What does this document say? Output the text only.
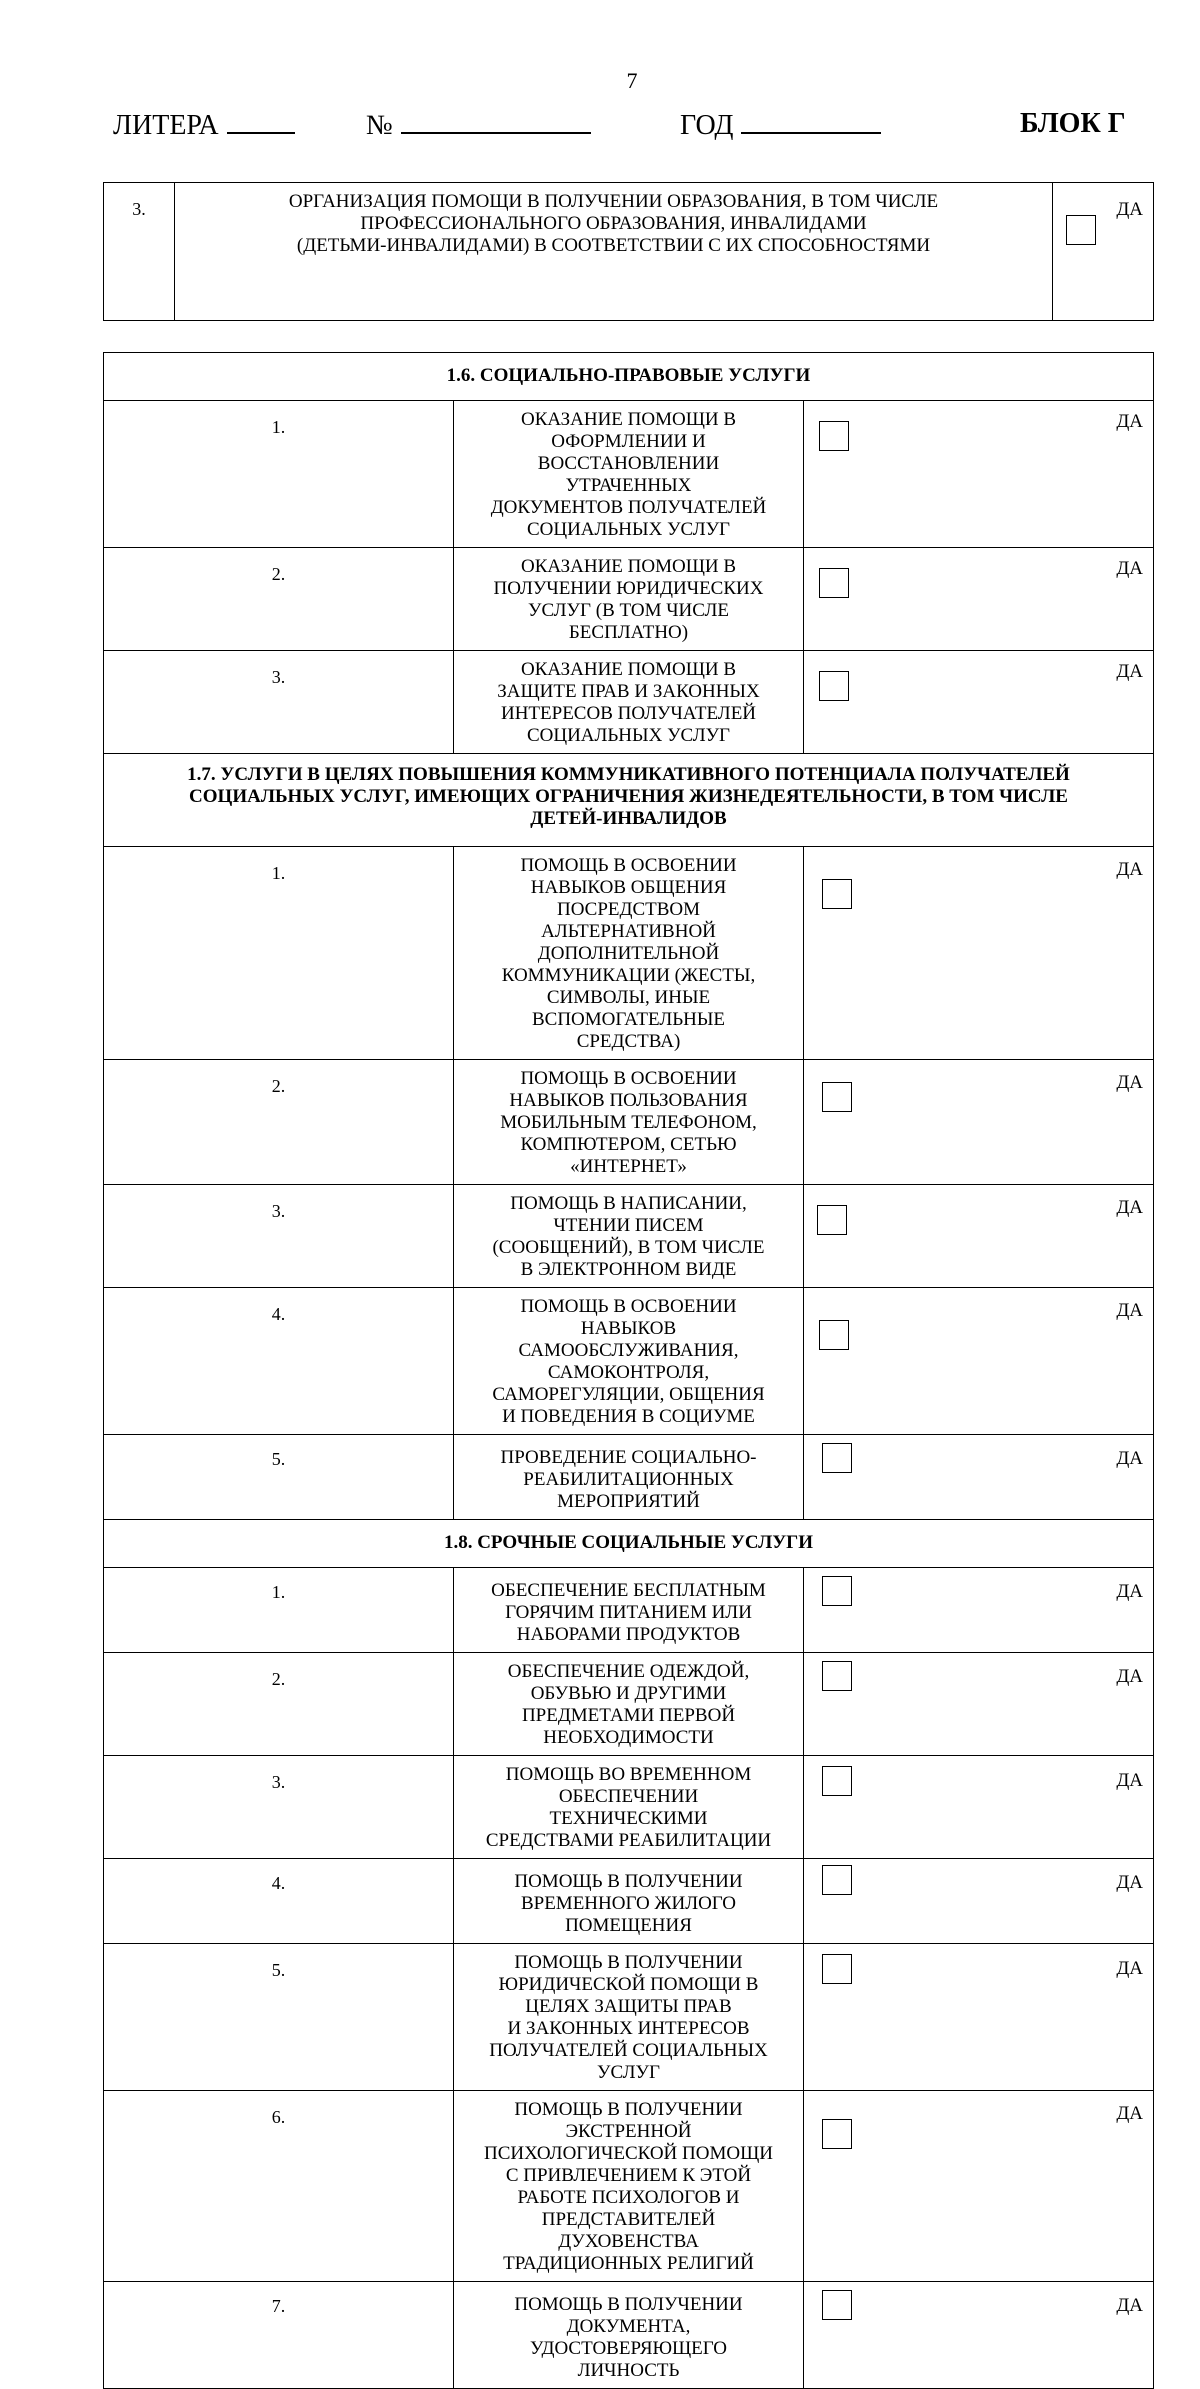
7
ЛИТЕРА	№	ГОД	БЛОК Г
3.	ОРГАНИЗАЦИЯ ПОМОЩИ В ПОЛУЧЕНИИ ОБРАЗОВАНИЯ, В ТОМ ЧИСЛЕ
ПРОФЕССИОНАЛЬНОГО ОБРАЗОВАНИЯ, ИНВАЛИДАМИ
(ДЕТЬМИ-ИНВАЛИДАМИ) В СООТВЕТСТВИИ С ИХ СПОСОБНОСТЯМИ	
ДА
1.6. СОЦИАЛЬНО-ПРАВОВЫЕ УСЛУГИ		
1.	ОКАЗАНИЕ ПОМОЩИ В ОФОРМЛЕНИИ И ВОССТАНОВЛЕНИИ УТРАЧЕННЫХ
ДОКУМЕНТОВ ПОЛУЧАТЕЛЕЙ СОЦИАЛЬНЫХ УСЛУГ	ДА

2.	ОКАЗАНИЕ ПОМОЩИ В ПОЛУЧЕНИИ ЮРИДИЧЕСКИХ УСЛУГ (В ТОМ ЧИСЛЕ
БЕСПЛАТНО)	ДА

3.	ОКАЗАНИЕ ПОМОЩИ В ЗАЩИТЕ ПРАВ И ЗАКОННЫХ ИНТЕРЕСОВ ПОЛУЧАТЕЛЕЙ
СОЦИАЛЬНЫХ УСЛУГ	ДА

1.7. УСЛУГИ В ЦЕЛЯХ ПОВЫШЕНИЯ КОММУНИКАТИВНОГО ПОТЕНЦИАЛА ПОЛУЧАТЕЛЕЙ
СОЦИАЛЬНЫХ УСЛУГ, ИМЕЮЩИХ ОГРАНИЧЕНИЯ ЖИЗНЕДЕЯТЕЛЬНОСТИ, В ТОМ ЧИСЛЕ
ДЕТЕЙ-ИНВАЛИДОВ		
1.	ПОМОЩЬ В ОСВОЕНИИ НАВЫКОВ ОБЩЕНИЯ ПОСРЕДСТВОМ АЛЬТЕРНАТИВНОЙ
ДОПОЛНИТЕЛЬНОЙ КОММУНИКАЦИИ (ЖЕСТЫ, СИМВОЛЫ, ИНЫЕ
ВСПОМОГАТЕЛЬНЫЕ СРЕДСТВА)	ДА

2.	ПОМОЩЬ В ОСВОЕНИИ НАВЫКОВ ПОЛЬЗОВАНИЯ МОБИЛЬНЫМ ТЕЛЕФОНОМ,
КОМПЮТЕРОМ, СЕТЬЮ «ИНТЕРНЕТ»	ДА

3.	ПОМОЩЬ В НАПИСАНИИ, ЧТЕНИИ ПИСЕМ (СООБЩЕНИЙ), В ТОМ ЧИСЛЕ
В ЭЛЕКТРОННОМ ВИДЕ	ДА

4.	ПОМОЩЬ В ОСВОЕНИИ НАВЫКОВ САМООБСЛУЖИВАНИЯ, САМОКОНТРОЛЯ,
САМОРЕГУЛЯЦИИ, ОБЩЕНИЯ И ПОВЕДЕНИЯ В СОЦИУМЕ	ДА

5.	ПРОВЕДЕНИЕ СОЦИАЛЬНО-РЕАБИЛИТАЦИОННЫХ МЕРОПРИЯТИЙ	ДА

1.8. СРОЧНЫЕ СОЦИАЛЬНЫЕ УСЛУГИ		
1.	ОБЕСПЕЧЕНИЕ БЕСПЛАТНЫМ ГОРЯЧИМ ПИТАНИЕМ ИЛИ НАБОРАМИ ПРОДУКТОВ	ДА

2.	ОБЕСПЕЧЕНИЕ ОДЕЖДОЙ, ОБУВЬЮ И ДРУГИМИ ПРЕДМЕТАМИ ПЕРВОЙ
НЕОБХОДИМОСТИ	ДА

3.	ПОМОЩЬ ВО ВРЕМЕННОМ ОБЕСПЕЧЕНИИ ТЕХНИЧЕСКИМИ
СРЕДСТВАМИ РЕАБИЛИТАЦИИ	ДА

4.	ПОМОЩЬ В ПОЛУЧЕНИИ ВРЕМЕННОГО ЖИЛОГО ПОМЕЩЕНИЯ	ДА

5.	ПОМОЩЬ В ПОЛУЧЕНИИ ЮРИДИЧЕСКОЙ ПОМОЩИ В ЦЕЛЯХ ЗАЩИТЫ ПРАВ
И ЗАКОННЫХ ИНТЕРЕСОВ ПОЛУЧАТЕЛЕЙ СОЦИАЛЬНЫХ УСЛУГ	ДА

6.	ПОМОЩЬ В ПОЛУЧЕНИИ ЭКСТРЕННОЙ ПСИХОЛОГИЧЕСКОЙ ПОМОЩИ
С ПРИВЛЕЧЕНИЕМ К ЭТОЙ РАБОТЕ ПСИХОЛОГОВ И ПРЕДСТАВИТЕЛЕЙ
ДУХОВЕНСТВА ТРАДИЦИОННЫХ РЕЛИГИЙ	ДА

7.	ПОМОЩЬ В ПОЛУЧЕНИИ ДОКУМЕНТА, УДОСТОВЕРЯЮЩЕГО ЛИЧНОСТЬ	ДА
